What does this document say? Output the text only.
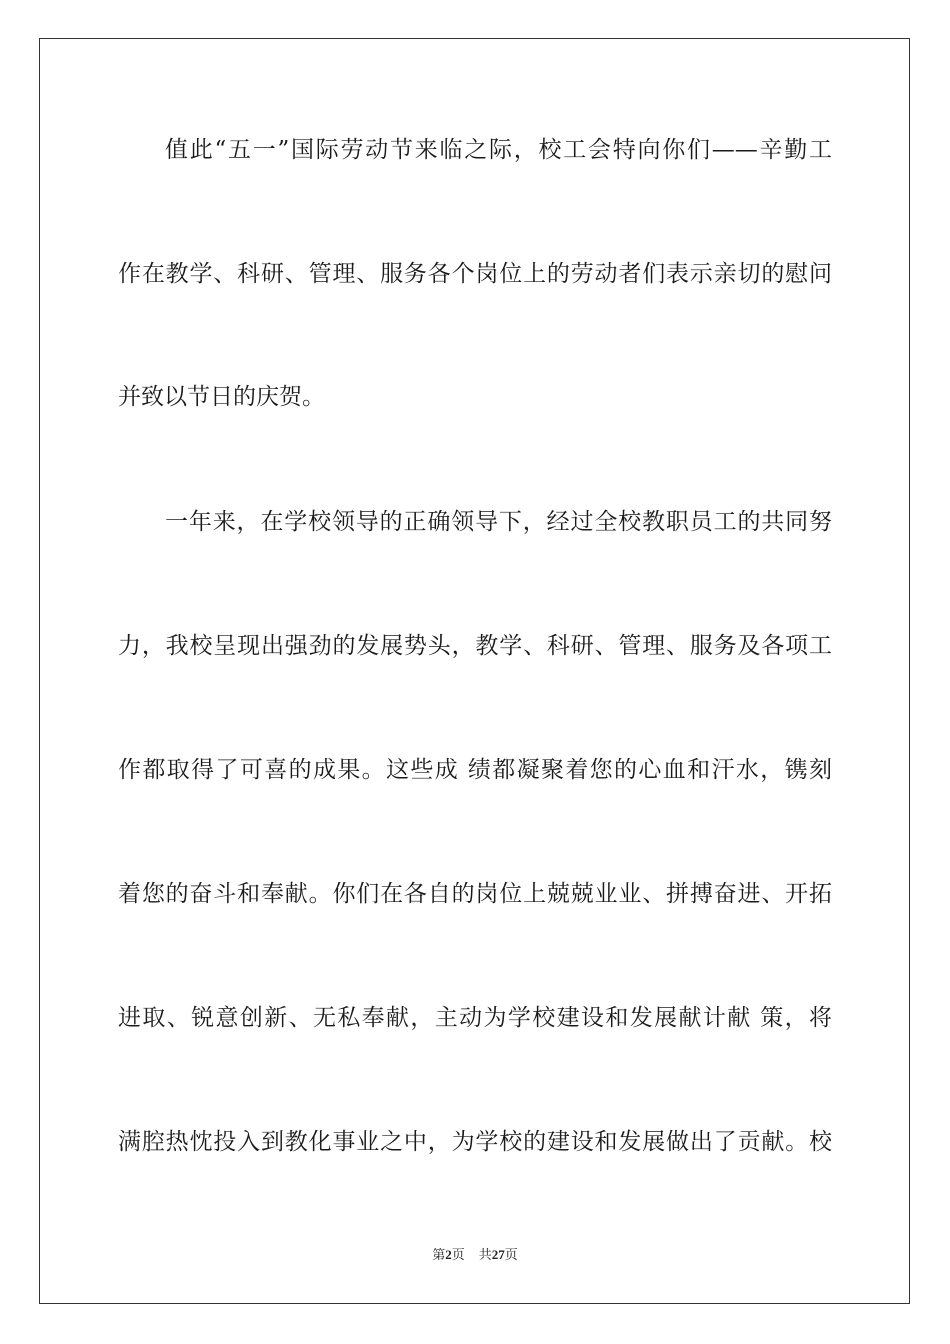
值此“五一”国际劳动节来临之际，校工会特向你们——辛勤工
作在教学、科研、管理、服务各个岗位上的劳动者们表示亲切的慰问
并致以节日的庆贺。
一年来，在学校领导的正确领导下，经过全校教职员工的共同努
力，我校呈现出强劲的发展势头，教学、科研、管理、服务及各项工
作都取得了可喜的成果。这些成 绩都凝聚着您的心血和汗水，镌刻
着您的奋斗和奉献。你们在各自的岗位上兢兢业业、拼搏奋进、开拓
进取、锐意创新、无私奉献，主动为学校建设和发展献计献 策，将
满腔热忱投入到教化事业之中，为学校的建设和发展做出了贡献。校
第2页 共27页
